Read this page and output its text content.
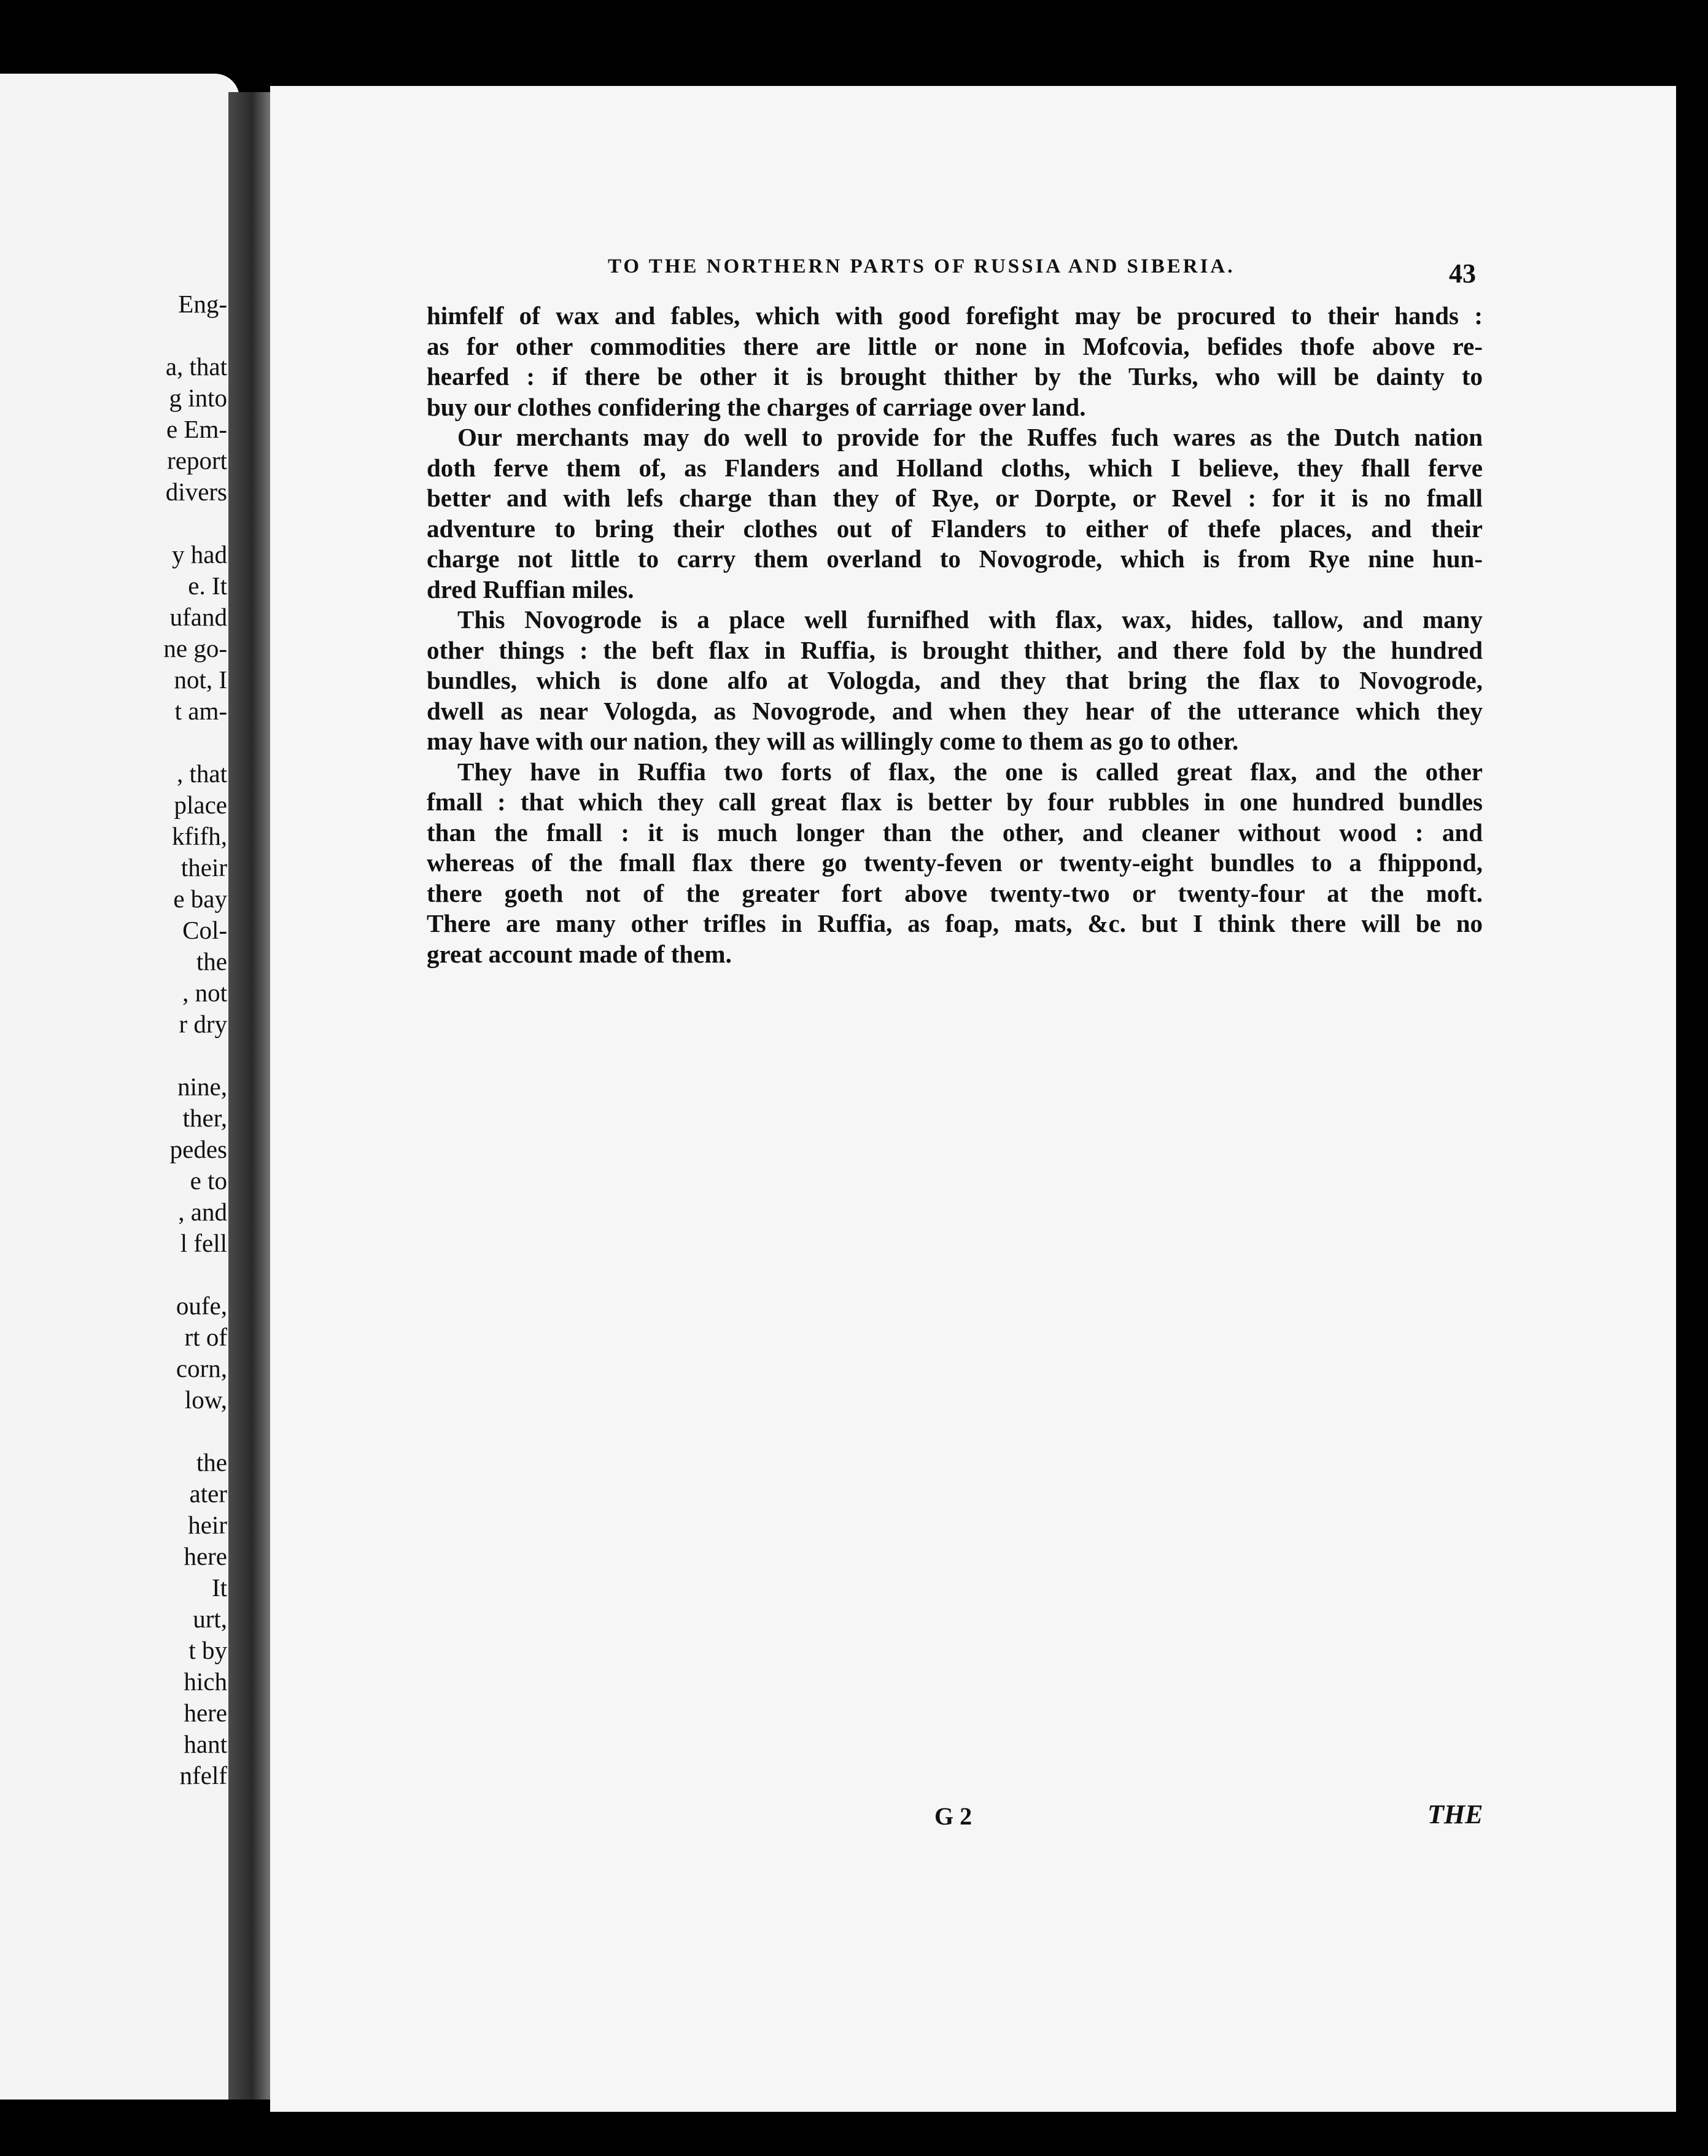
Eng-
a, that
g into
e Em-
report
divers
y had
e. It
ufand
ne go-
not, I
t am-
, that
place
kfifh,
their
e bay
Col-
the
, not
r dry
nine,
ther,
pedes
e to
, and
l fell
oufe,
rt of
corn,
low,
the
ater
heir
here
It
urt,
t by
hich
here
hant
nfelf
TO THE NORTHERN PARTS OF RUSSIA AND SIBERIA.	43
himfelf of wax and fables, which with good forefight may be procured to their hands :
as for other commodities there are little or none in Mofcovia, befides thofe above re-
hearfed : if there be other it is brought thither by the Turks, who will be dainty to
buy our clothes confidering the charges of carriage over land.
Our merchants may do well to provide for the Ruffes fuch wares as the Dutch nation
doth ferve them of, as Flanders and Holland cloths, which I believe, they fhall ferve
better and with lefs charge than they of Rye, or Dorpte, or Revel : for it is no fmall
adventure to bring their clothes out of Flanders to either of thefe places, and their
charge not little to carry them overland to Novogrode, which is from Rye nine hun-
dred Ruffian miles.
This Novogrode is a place well furnifhed with flax, wax, hides, tallow, and many
other things : the beft flax in Ruffia, is brought thither, and there fold by the hundred
bundles, which is done alfo at Vologda, and they that bring the flax to Novogrode,
dwell as near Vologda, as Novogrode, and when they hear of the utterance which they
may have with our nation, they will as willingly come to them as go to other.
They have in Ruffia two forts of flax, the one is called great flax, and the other
fmall : that which they call great flax is better by four rubbles in one hundred bundles
than the fmall : it is much longer than the other, and cleaner without wood : and
whereas of the fmall flax there go twenty-feven or twenty-eight bundles to a fhippond,
there goeth not of the greater fort above twenty-two or twenty-four at the moft.
There are many other trifles in Ruffia, as foap, mats, &c. but I think there will be no
great account made of them.
G 2	THE
